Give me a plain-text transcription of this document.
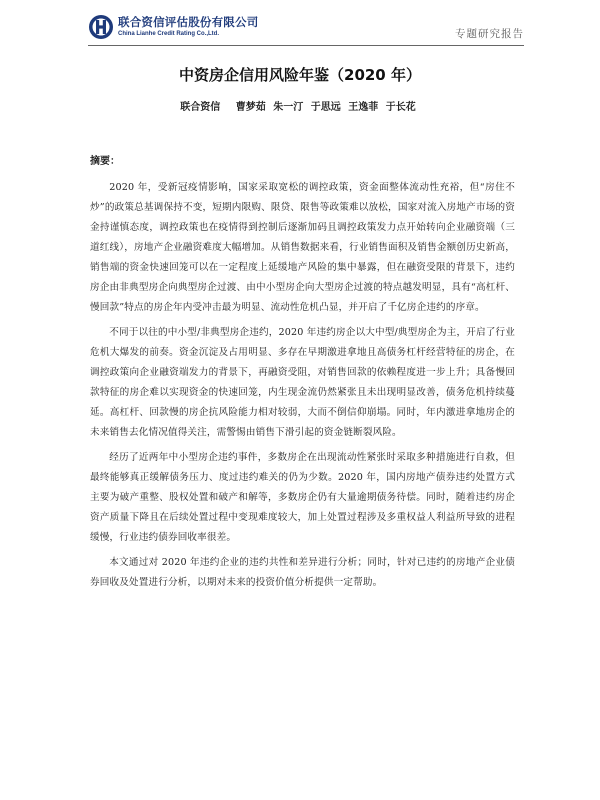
联合资信评估股份有限公司
China Lianhe Credit Rating Co.,Ltd.	专题研究报告
中资房企信用风险年鉴（2020 年）
联合资信 曹梦茹 朱一汀 于思远 王逸菲 于长花
摘要：

2020 年，受新冠疫情影响，国家采取宽松的调控政策，资金面整体流动性充裕，但“房住不炒”的政策总基调保持不变，短期内限购、限贷、限售等政策难以放松，国家对流入房地产市场的资金持谨慎态度，调控政策也在疫情得到控制后逐渐加码且调控政策发力点开始转向企业融资端（三道红线），房地产企业融资难度大幅增加。从销售数据来看，行业销售面积及销售金额创历史新高，销售端的资金快速回笼可以在一定程度上延缓地产风险的集中暴露，但在融资受限的背景下，违约房企由非典型房企向典型房企过渡、由中小型房企向大型房企过渡的特点越发明显，具有“高杠杆、慢回款”特点的房企年内受冲击最为明显、流动性危机凸显，并开启了千亿房企违约的序章。

不同于以往的中小型/非典型房企违约，2020 年违约房企以大中型/典型房企为主，开启了行业危机大爆发的前奏。资金沉淀及占用明显、多存在早期激进拿地且高债务杠杆经营特征的房企，在调控政策向企业融资端发力的背景下，再融资受阻，对销售回款的依赖程度进一步上升；具备慢回款特征的房企难以实现资金的快速回笼，内生现金流仍然紧张且未出现明显改善，债务危机持续蔓延。高杠杆、回款慢的房企抗风险能力相对较弱，大而不倒信仰崩塌。同时，年内激进拿地房企的未来销售去化情况值得关注，需警惕由销售下滑引起的资金链断裂风险。

经历了近两年中小型房企违约事件，多数房企在出现流动性紧张时采取多种措施进行自救，但最终能够真正缓解债务压力、度过违约难关的仍为少数。2020 年，国内房地产债券违约处置方式主要为破产重整、股权处置和破产和解等，多数房企仍有大量逾期债务待偿。同时，随着违约房企资产质量下降且在后续处置过程中变现难度较大，加上处置过程涉及多重权益人利益所导致的进程缓慢，行业违约债券回收率很差。

本文通过对 2020 年违约企业的违约共性和差异进行分析；同时，针对已违约的房地产企业债券回收及处置进行分析，以期对未来的投资价值分析提供一定帮助。
